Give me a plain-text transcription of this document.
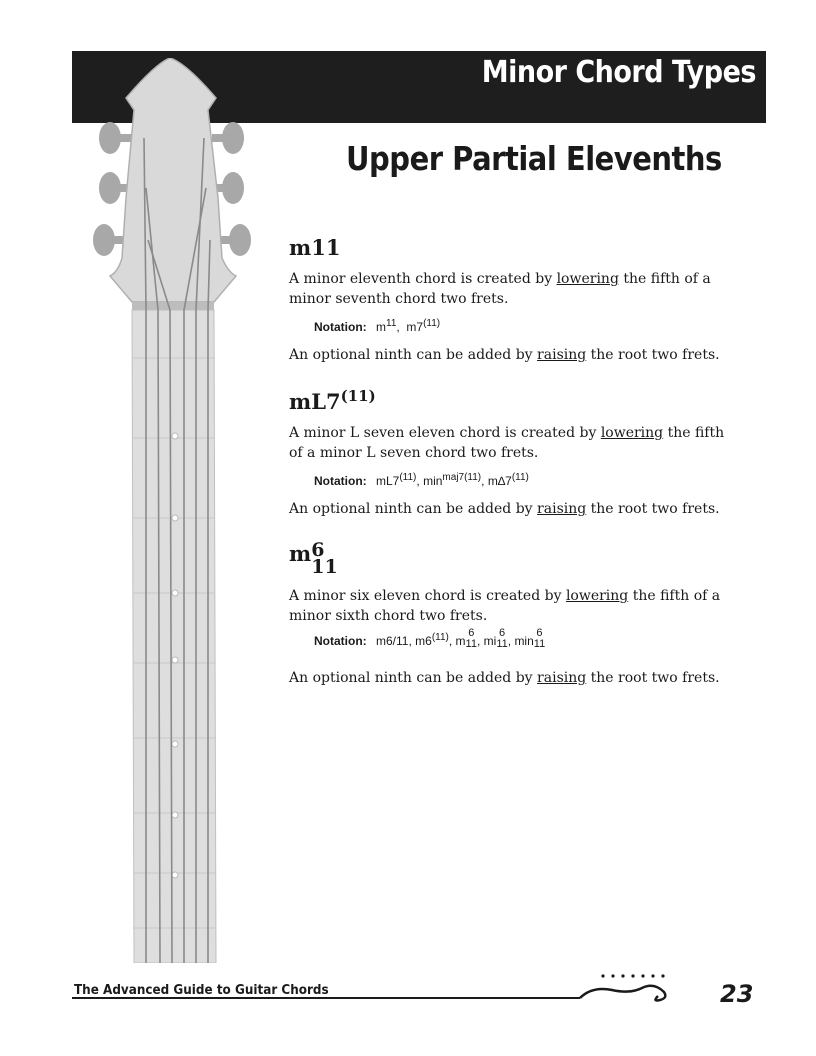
Minor Chord Types
Upper Partial Elevenths
m11

A minor eleventh chord is created by lowering the fifth of a minor seventh chord two frets.

Notation: $m^{11}$, m7$^{(11)}$

An optional ninth can be added by raising the root two frets.

mL7$^{(11)}$

A minor L seven eleven chord is created by lowering the fifth of a minor L seven chord two frets.

Notation: mL7$^{(11)}$, $\min^{maj7(11)}$, m∆7$^{(11)}$

An optional ninth can be added by raising the root two frets.

m 6
11

A minor six eleven chord is created by lowering the fifth of a minor sixth chord two frets.

Notation: m6/11, m6$^{(11)}$, m
6
11 , mi
6
11 , min
6
11

An optional ninth can be added by raising the root two frets.

The Advanced Guide to Guitar Chords	23
